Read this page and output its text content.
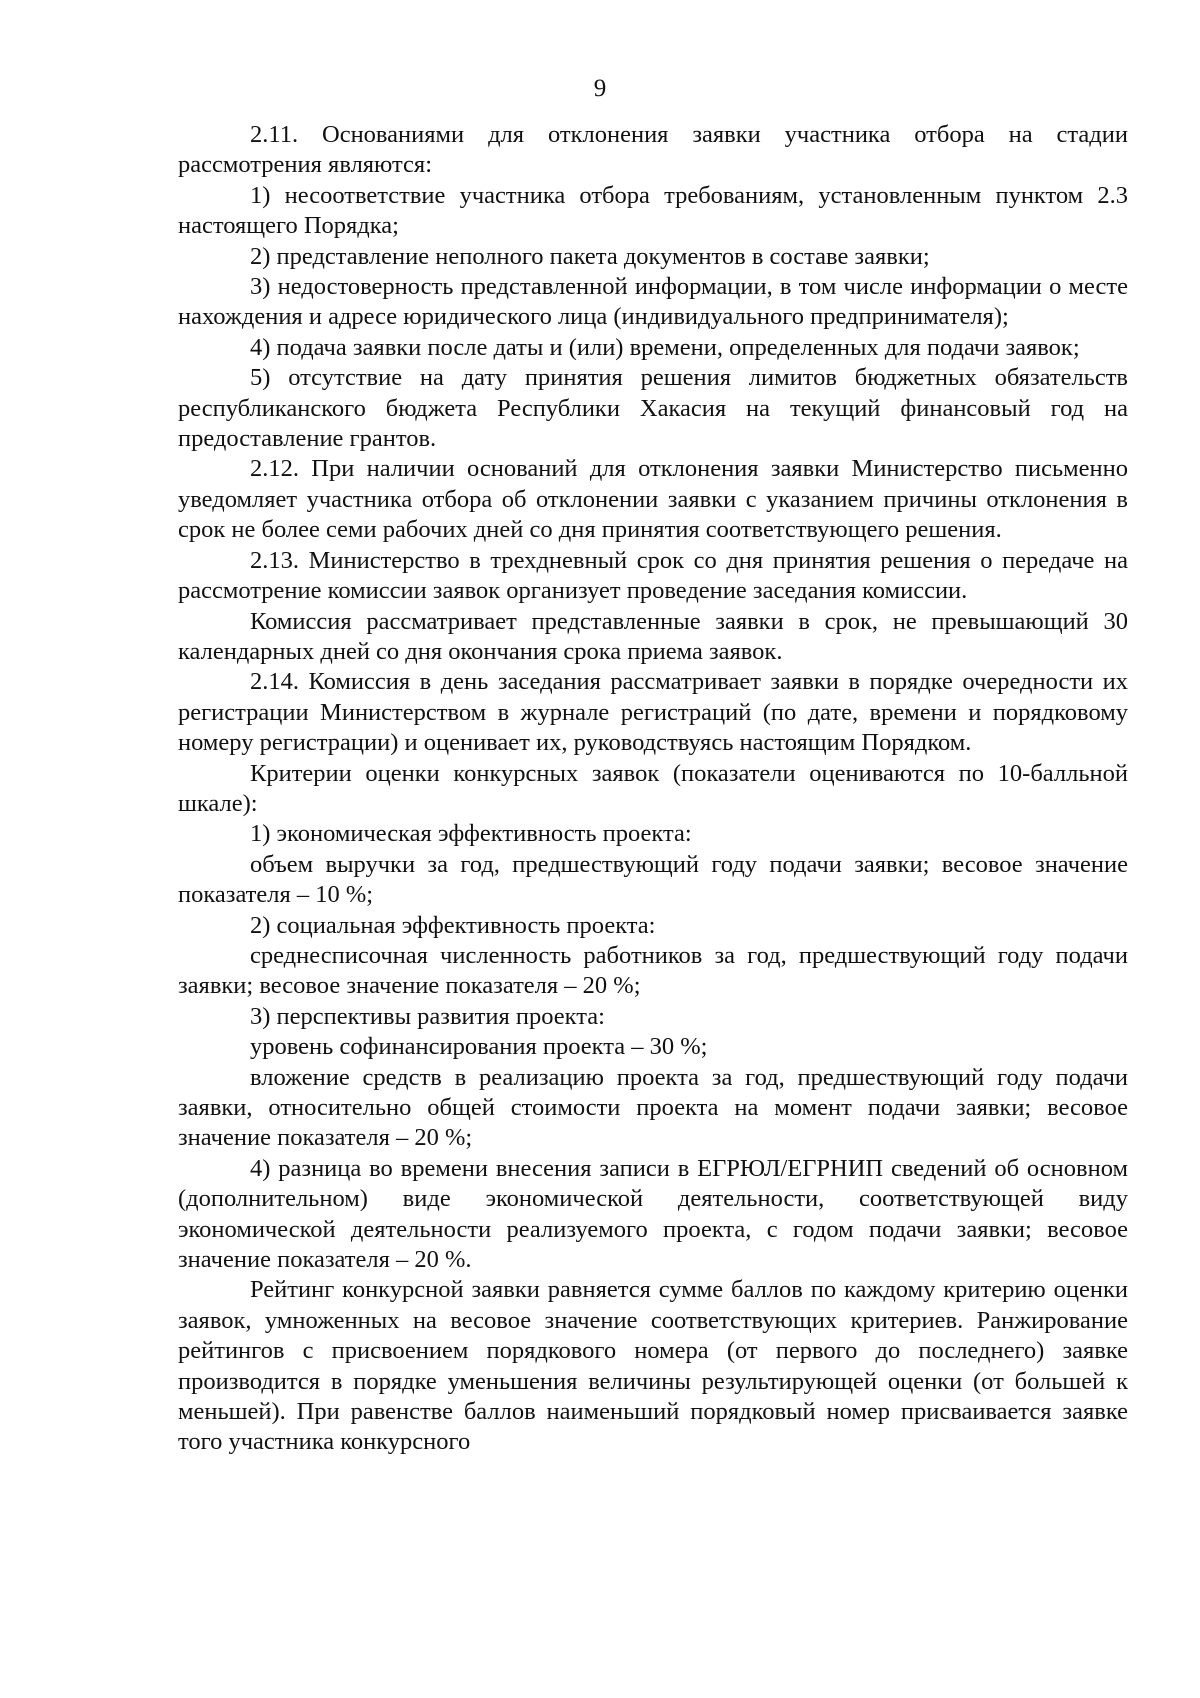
9

2.11. Основаниями для отклонения заявки участника отбора на стадии рассмотрения являются:

1) несоответствие участника отбора требованиям, установленным пунктом 2.3 настоящего Порядка;

2) представление неполного пакета документов в составе заявки;

3) недостоверность представленной информации, в том числе информации о месте нахождения и адресе юридического лица (индивидуального предпринимателя);

4) подача заявки после даты и (или) времени, определенных для подачи заявок;

5) отсутствие на дату принятия решения лимитов бюджетных обязательств республиканского бюджета Республики Хакасия на текущий финансовый год на предоставление грантов.

2.12. При наличии оснований для отклонения заявки Министерство письменно уведомляет участника отбора об отклонении заявки с указанием причины отклонения в срок не более семи рабочих дней со дня принятия соответствующего решения.

2.13. Министерство в трехдневный срок со дня принятия решения о передаче на рассмотрение комиссии заявок организует проведение заседания комиссии.

Комиссия рассматривает представленные заявки в срок, не превышающий 30 календарных дней со дня окончания срока приема заявок.

2.14. Комиссия в день заседания рассматривает заявки в порядке очередности их регистрации Министерством в журнале регистраций (по дате, времени и порядковому номеру регистрации) и оценивает их, руководствуясь настоящим Порядком.

Критерии оценки конкурсных заявок (показатели оцениваются по 10-балльной шкале):

1) экономическая эффективность проекта:

объем выручки за год, предшествующий году подачи заявки; весовое значение показателя – 10 %;

2) социальная эффективность проекта:

среднесписочная численность работников за год, предшествующий году подачи заявки; весовое значение показателя – 20 %;

3) перспективы развития проекта:

уровень софинансирования проекта – 30 %;

вложение средств в реализацию проекта за год, предшествующий году подачи заявки, относительно общей стоимости проекта на момент подачи заявки; весовое значение показателя – 20 %;

4) разница во времени внесения записи в ЕГРЮЛ/ЕГРНИП сведений об основном (дополнительном) виде экономической деятельности, соответствующей виду экономической деятельности реализуемого проекта, с годом подачи заявки; весовое значение показателя – 20 %.

Рейтинг конкурсной заявки равняется сумме баллов по каждому критерию оценки заявок, умноженных на весовое значение соответствующих критериев. Ранжирование рейтингов с присвоением порядкового номера (от первого до последнего) заявке производится в порядке уменьшения величины результирующей оценки (от большей к меньшей). При равенстве баллов наименьший порядковый номер присваивается заявке того участника конкурсного
